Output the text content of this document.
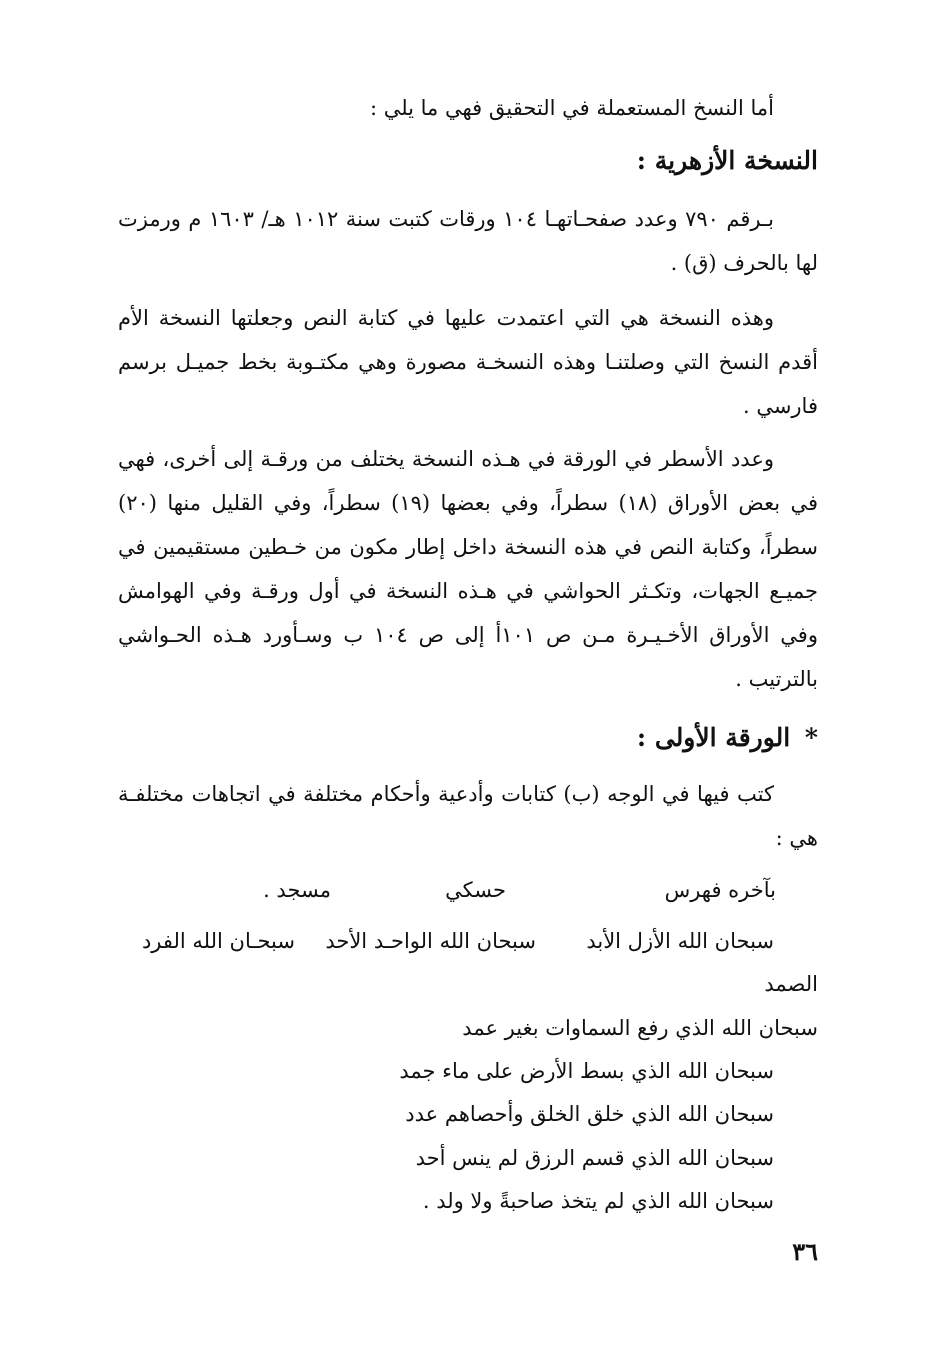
أما النسخ المستعملة في التحقيق فهي ما يلي :

النسخة الأزهرية :

بـرقم ٧٩٠ وعدد صفحـاتهـا ١٠٤ ورقات كتبت سنة ١٠١٢ هـ/ ١٦٠٣ م ورمزت لها بالحرف (ق) .

وهذه النسخة هي التي اعتمدت عليها في كتابة النص وجعلتها النسخة الأم أقدم النسخ التي وصلتنـا وهذه النسخـة مصورة وهي مكتـوبة بخط جميـل برسم فارسي .

وعدد الأسطر في الورقة في هـذه النسخة يختلف من ورقـة إلى أخرى، فهي في بعض الأوراق (١٨) سطراً، وفي بعضها (١٩) سطراً، وفي القليل منها (٢٠) سطراً، وكتابة النص في هذه النسخة داخل إطار مكون من خـطين مستقيمين في جميـع الجهات، وتكـثر الحواشي في هـذه النسخة في أول ورقـة وفي الهوامش وفي الأوراق الأخـيـرة مـن ص ١٠١أ إلى ص ١٠٤ ب وسـأورد هـذه الحـواشي بالترتيب .

* الورقة الأولى :

كتب فيها في الوجه (ب) كتابات وأدعية وأحكام مختلفة في اتجاهات مختلفـة هي :

بآخره فهرس
حسكي
مسجد .
سبحان الله الأزل الأبد
سبحان الله الواحـد الأحد
سبحـان الله الفرد

الصمد

سبحان الله الذي رفع السماوات بغير عمد

سبحان الله الذي بسط الأرض على ماء جمد

سبحان الله الذي خلق الخلق وأحصاهم عدد

سبحان الله الذي قسم الرزق لم ينس أحد

سبحان الله الذي لم يتخذ صاحبةً ولا ولد .

٣٦
